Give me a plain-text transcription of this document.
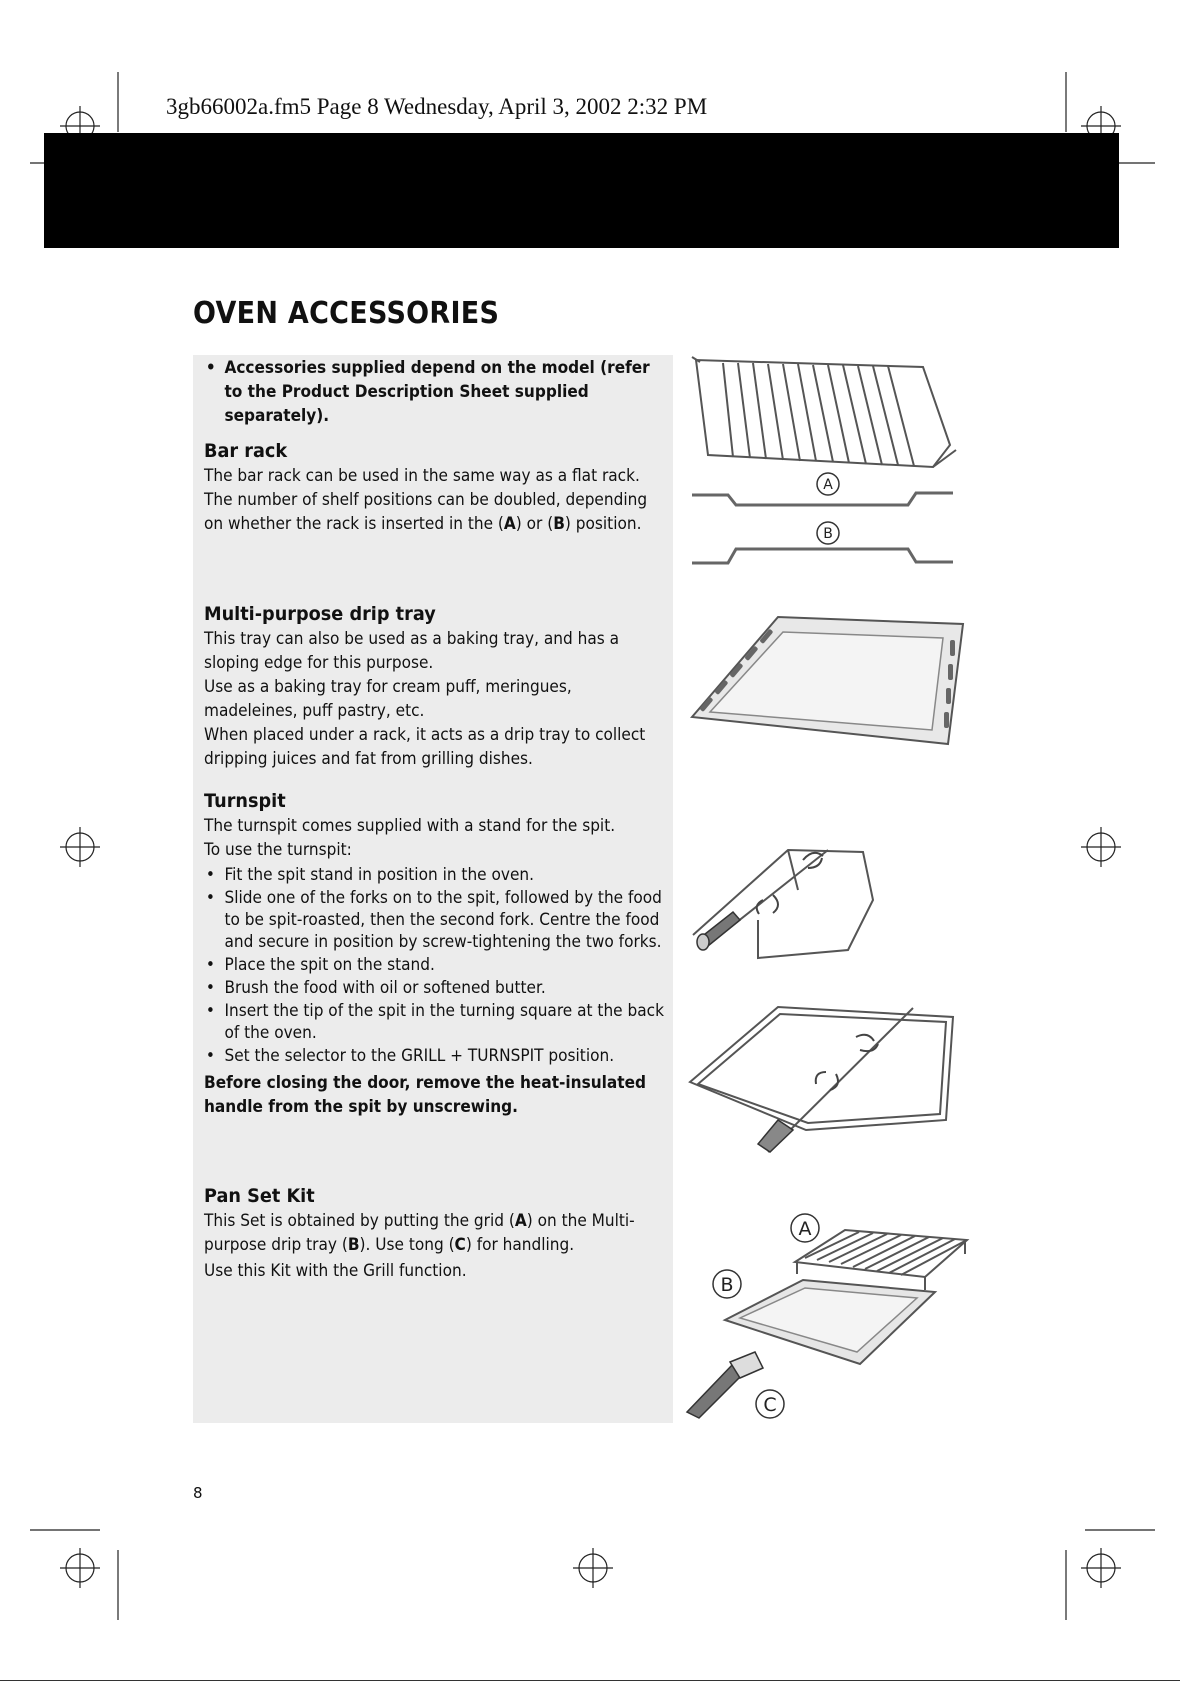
3gb66002a.fm5 Page 8 Wednesday, April 3, 2002 2:32 PM
OVEN ACCESSORIES
• Accessories supplied depend on the model (refer to the Product Description Sheet supplied separately).

Bar rack

The bar rack can be used in the same way as a flat rack.

The number of shelf positions can be doubled, depending on whether the rack is inserted in the (A) or (B) position.

Multi-purpose drip tray

This tray can also be used as a baking tray, and has a sloping edge for this purpose.

Use as a baking tray for cream puff, meringues, madeleines, puff pastry, etc.

When placed under a rack, it acts as a drip tray to collect dripping juices and fat from grilling dishes.

Turnspit

The turnspit comes supplied with a stand for the spit.

To use the turnspit:

• Fit the spit stand in position in the oven.
• Slide one of the forks on to the spit, followed by the food to be spit-roasted, then the second fork. Centre the food and secure in position by screw-tightening the two forks.
• Place the spit on the stand.
• Brush the food with oil or softened butter.
• Insert the tip of the spit in the turning square at the back of the oven.
• Set the selector to the GRILL + TURNSPIT position.

Before closing the door, remove the heat-insulated handle from the spit by unscrewing.

Pan Set Kit

This Set is obtained by putting the grid (A) on the Multi-purpose drip tray (B). Use tong (C) for handling.

Use this Kit with the Grill function.

8
A
B
A
B
C
